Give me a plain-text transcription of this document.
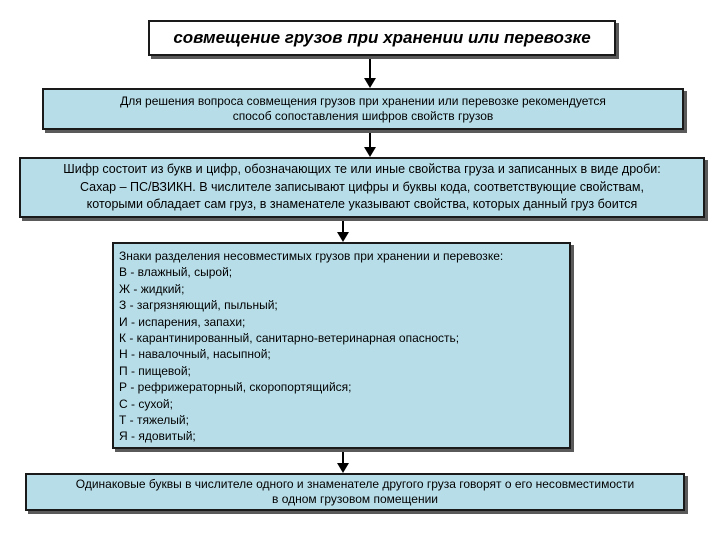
совмещение грузов при хранении или перевозке
Для решения вопроса совмещения грузов при хранении или перевозке рекомендуется
способ сопоставления шифров свойств грузов
Шифр состоит из букв и цифр, обозначающих те или иные свойства груза и записанных в виде дроби:
Сахар – ПС/ВЗИКН. В числителе записывают цифры и буквы кода, соответствующие свойствам,
которыми обладает сам груз, в знаменателе указывают свойства, которых данный груз боится
Знаки разделения несовместимых грузов при хранении и перевозке:
В - влажный, сырой;
Ж - жидкий;
З - загрязняющий, пыльный;
И - испарения, запахи;
К - карантинированный, санитарно-ветеринарная опасность;
Н - навалочный, насыпной;
П - пищевой;
Р - рефрижераторный, скоропортящийся;
С - сухой;
Т - тяжелый;
Я - ядовитый;
Одинаковые буквы в числителе одного и знаменателе другого груза говорят о его несовместимости
в одном грузовом помещении
